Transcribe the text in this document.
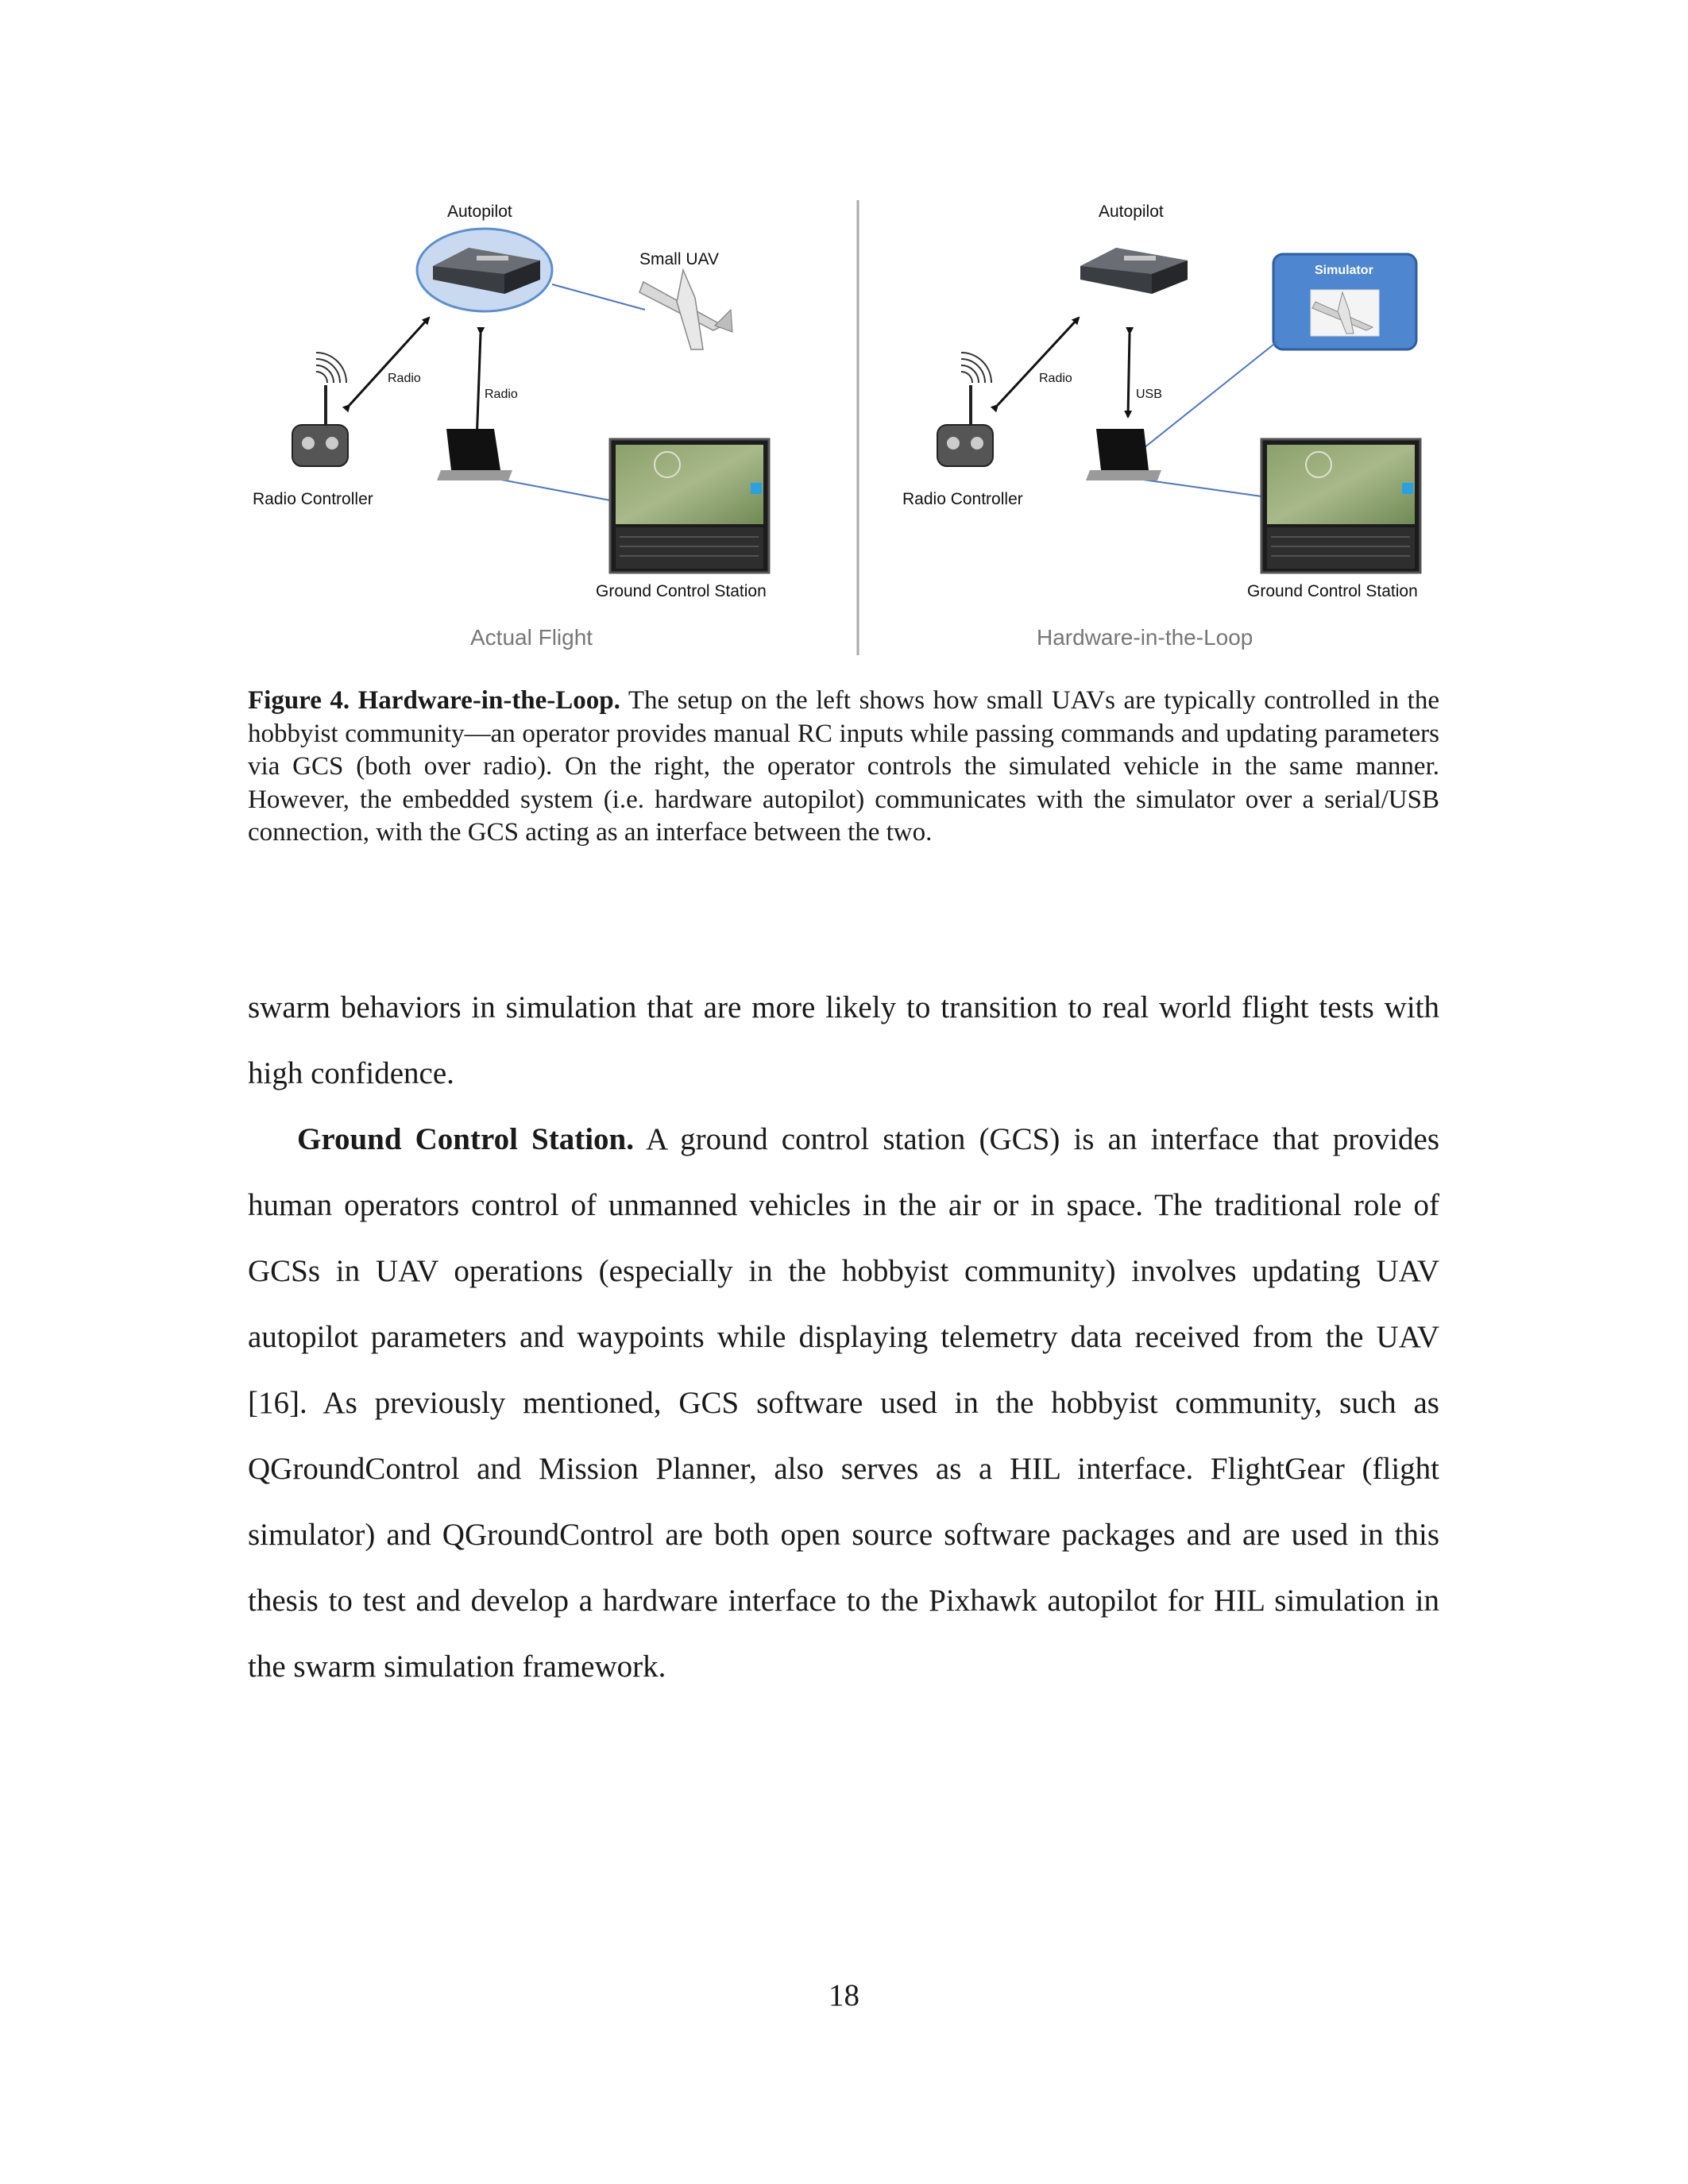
Autopilot
Small UAV
Radio
Radio
Radio Controller
Ground Control Station
Actual Flight
Autopilot
Simulator
Radio
USB
Radio Controller
Ground Control Station
Hardware-in-the-Loop
Figure 4. Hardware-in-the-Loop. The setup on the left shows how small UAVs are typically controlled in the hobbyist community—an operator provides manual RC inputs while passing commands and updating parameters via GCS (both over radio). On the right, the operator controls the simulated vehicle in the same manner. However, the embedded system (i.e. hardware autopilot) communicates with the simulator over a serial/USB connection, with the GCS acting as an interface between the two.

swarm behaviors in simulation that are more likely to transition to real world flight tests with high confidence.

Ground Control Station. A ground control station (GCS) is an interface that provides human operators control of unmanned vehicles in the air or in space. The traditional role of GCSs in UAV operations (especially in the hobbyist community) involves updating UAV autopilot parameters and waypoints while displaying telemetry data received from the UAV [16]. As previously mentioned, GCS software used in the hobbyist community, such as QGroundControl and Mission Planner, also serves as a HIL interface. FlightGear (flight simulator) and QGroundControl are both open source software packages and are used in this thesis to test and develop a hardware interface to the Pixhawk autopilot for HIL simulation in the swarm simulation framework.

18
